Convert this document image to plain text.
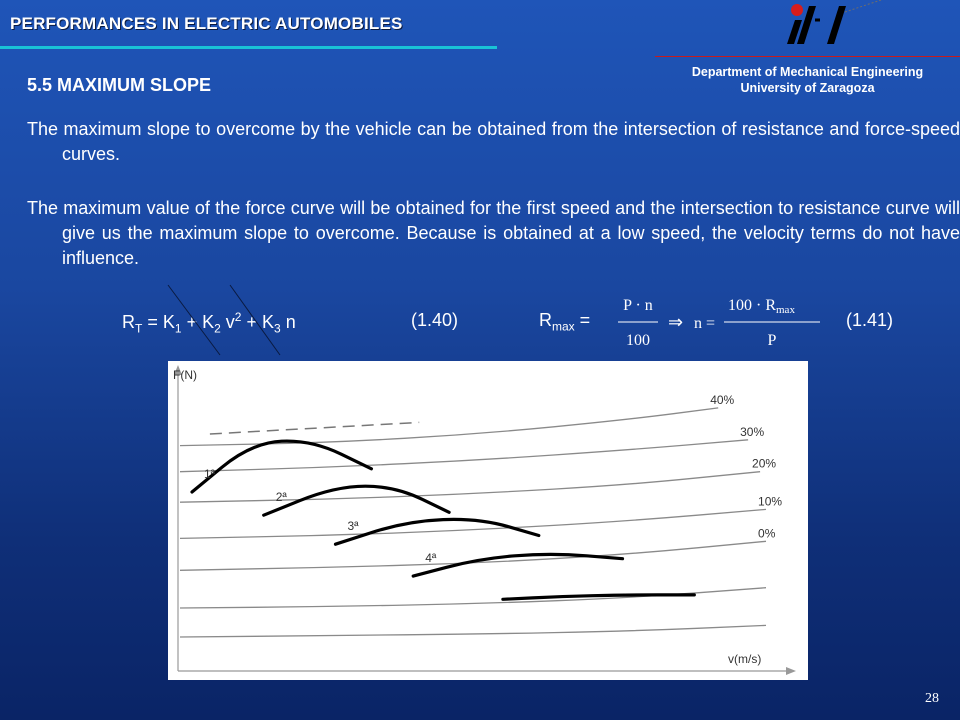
PERFORMANCES IN ELECTRIC AUTOMOBILES
Department of Mechanical Engineering
University of Zaragoza
5.5 MAXIMUM SLOPE
The maximum slope to overcome by the vehicle can be obtained from the intersection of resistance and force-speed curves.
The maximum value of the force curve will be obtained for the first speed and the intersection to resistance curve will give us the maximum slope to overcome. Because is obtained at a low speed, the velocity terms do not have influence.
$R_T = K_1 + K_2$ $v^2 + K_3$ n	(1.40)	$R_{max}$ =
P · n
100
⇒ n =
100 · Rmax
P
(1.41)
F(N)
v(m/s)
40%
30%
20%
10%
0%
1ª
2ª
3ª
4ª
28
